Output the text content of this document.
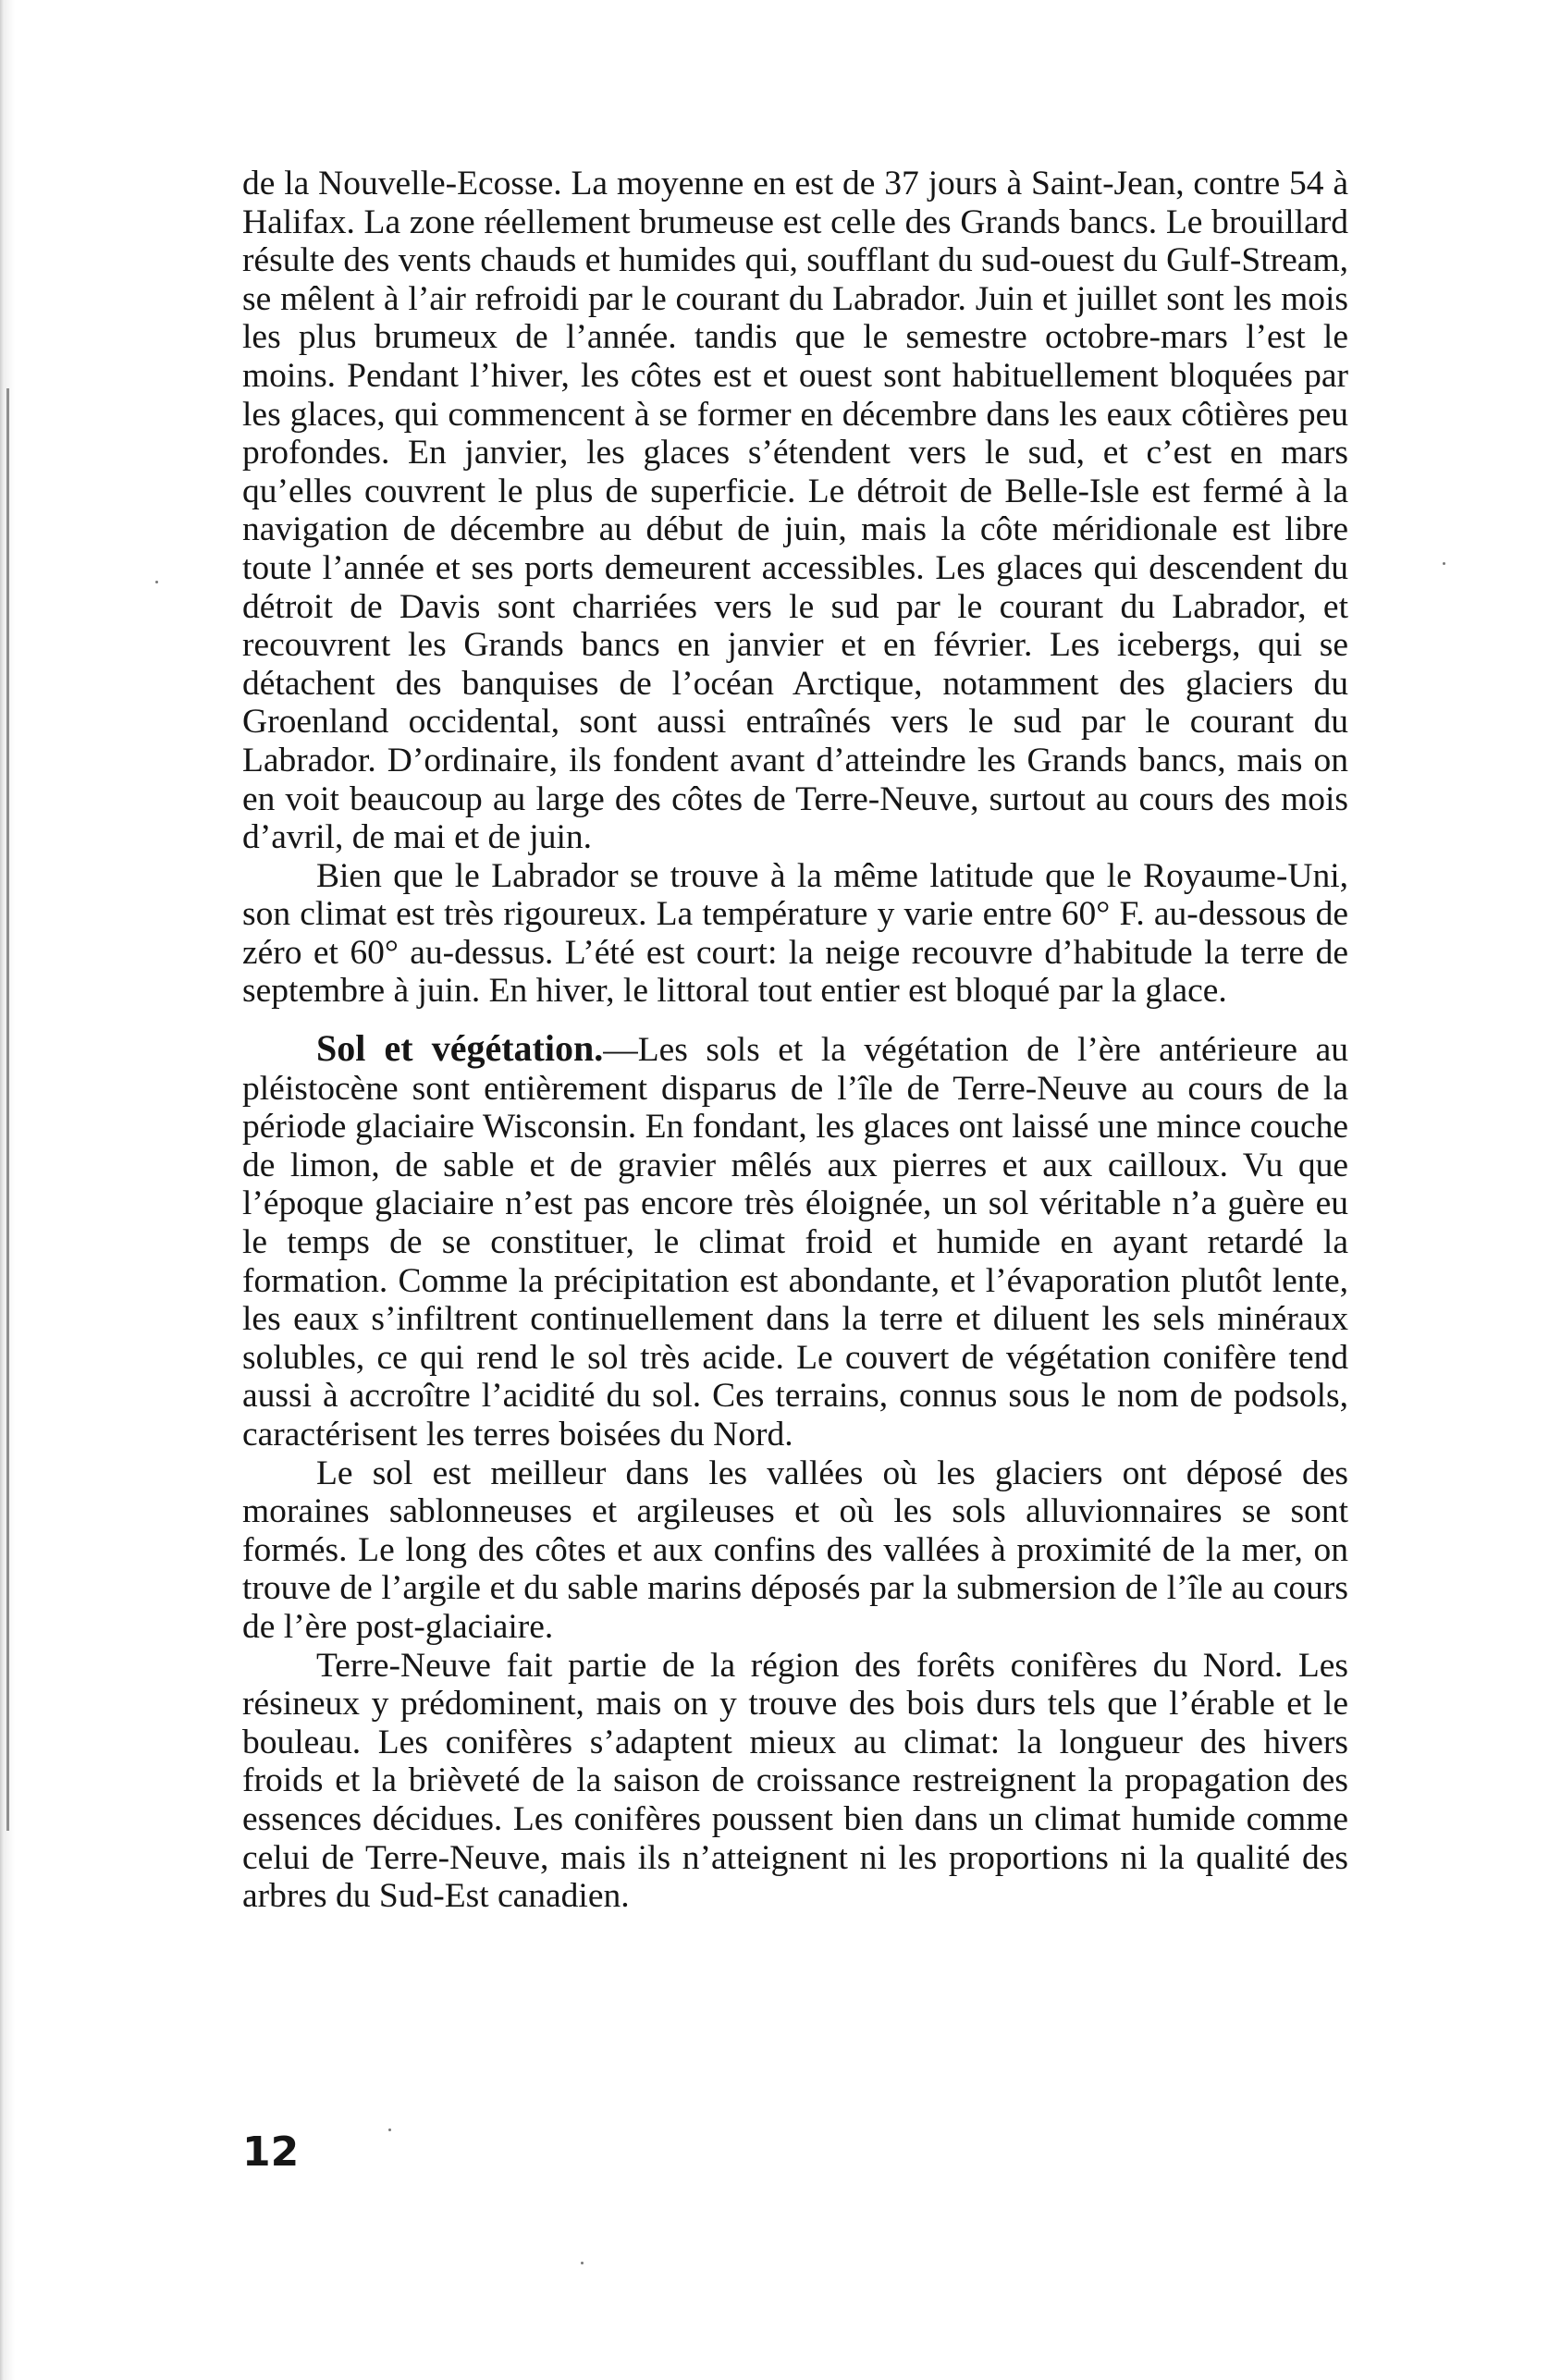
de la Nouvelle-Ecosse. La moyenne en est de 37 jours à Saint-Jean, contre 54 à Halifax. La zone réellement brumeuse est celle des Grands bancs. Le brouillard résulte des vents chauds et humides qui, soufflant du sud-ouest du Gulf-Stream, se mêlent à l’air refroidi par le courant du Labrador. Juin et juillet sont les mois les plus brumeux de l’année. tandis que le semestre octobre-mars l’est le moins. Pendant l’hiver, les côtes est et ouest sont habituellement bloquées par les glaces, qui commencent à se former en décembre dans les eaux côtières peu profondes. En janvier, les glaces s’étendent vers le sud, et c’est en mars qu’elles couvrent le plus de superficie. Le détroit de Belle-Isle est fermé à la navigation de décembre au début de juin, mais la côte méridionale est libre toute l’année et ses ports demeurent accessibles. Les glaces qui descendent du détroit de Davis sont charriées vers le sud par le courant du Labrador, et recouvrent les Grands bancs en janvier et en février. Les icebergs, qui se détachent des banquises de l’océan Arctique, notamment des glaciers du Groenland occidental, sont aussi entraînés vers le sud par le courant du Labrador. D’ordinaire, ils fondent avant d’atteindre les Grands bancs, mais on en voit beaucoup au large des côtes de Terre-Neuve, surtout au cours des mois d’avril, de mai et de juin.

Bien que le Labrador se trouve à la même latitude que le Royaume-Uni, son climat est très rigoureux. La température y varie entre 60° F. au-dessous de zéro et 60° au-dessus. L’été est court: la neige recouvre d’habitude la terre de septembre à juin. En hiver, le littoral tout entier est bloqué par la glace.

Sol et végétation.—Les sols et la végétation de l’ère antérieure au pléistocène sont entièrement disparus de l’île de Terre-Neuve au cours de la période glaciaire Wisconsin. En fondant, les glaces ont laissé une mince couche de limon, de sable et de gravier mêlés aux pierres et aux cailloux. Vu que l’époque glaciaire n’est pas encore très éloignée, un sol véritable n’a guère eu le temps de se constituer, le climat froid et humide en ayant retardé la formation. Comme la précipitation est abondante, et l’évaporation plutôt lente, les eaux s’infiltrent continuellement dans la terre et diluent les sels minéraux solubles, ce qui rend le sol très acide. Le couvert de végétation conifère tend aussi à accroître l’acidité du sol. Ces terrains, connus sous le nom de podsols, caractérisent les terres boisées du Nord.

Le sol est meilleur dans les vallées où les glaciers ont déposé des moraines sablonneuses et argileuses et où les sols alluvionnaires se sont formés. Le long des côtes et aux confins des vallées à proximité de la mer, on trouve de l’argile et du sable marins déposés par la submersion de l’île au cours de l’ère post-glaciaire.

Terre-Neuve fait partie de la région des forêts conifères du Nord. Les résineux y prédominent, mais on y trouve des bois durs tels que l’érable et le bouleau. Les conifères s’adaptent mieux au climat: la longueur des hivers froids et la brièveté de la saison de croissance restreignent la propagation des essences décidues. Les conifères poussent bien dans un climat humide comme celui de Terre-Neuve, mais ils n’atteignent ni les proportions ni la qualité des arbres du Sud-Est canadien.

12
